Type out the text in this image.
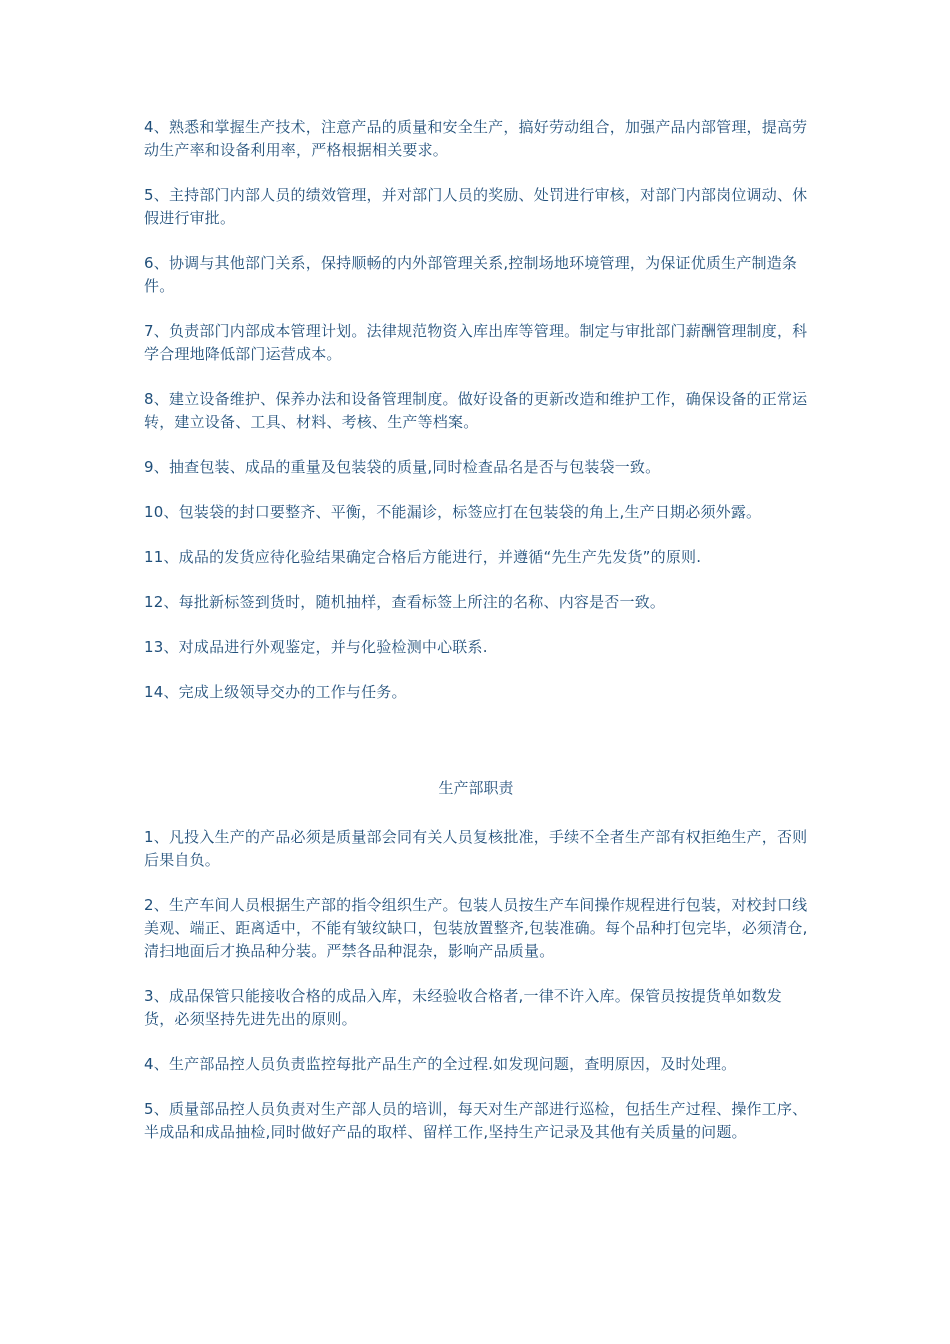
4、熟悉和掌握生产技术，注意产品的质量和安全生产，搞好劳动组合，加强产品内部管理，提高劳动生产率和设备利用率，严格根据相关要求。

5、主持部门内部人员的绩效管理，并对部门人员的奖励、处罚进行审核，对部门内部岗位调动、休假进行审批。

6、协调与其他部门关系，保持顺畅的内外部管理关系,控制场地环境管理，为保证优质生产制造条件。

7、负责部门内部成本管理计划。法律规范物资入库出库等管理。制定与审批部门薪酬管理制度，科学合理地降低部门运营成本。

8、建立设备维护、保养办法和设备管理制度。做好设备的更新改造和维护工作，确保设备的正常运转，建立设备、工具、材料、考核、生产等档案。

9、抽查包装、成品的重量及包装袋的质量,同时检查品名是否与包装袋一致。

10、包装袋的封口要整齐、平衡，不能漏诊，标签应打在包装袋的角上,生产日期必须外露。

11、成品的发货应待化验结果确定合格后方能进行，并遵循“先生产先发货”的原则.

12、每批新标签到货时，随机抽样，查看标签上所注的名称、内容是否一致。

13、对成品进行外观鉴定，并与化验检测中心联系.

14、完成上级领导交办的工作与任务。

生产部职责

1、凡投入生产的产品必须是质量部会同有关人员复核批准，手续不全者生产部有权拒绝生产，否则后果自负。

2、生产车间人员根据生产部的指令组织生产。包装人员按生产车间操作规程进行包装，对校封口线美观、端正、距离适中，不能有皱纹缺口，包装放置整齐,包装准确。每个品种打包完毕，必须清仓,清扫地面后才换品种分装。严禁各品种混杂，影响产品质量。

3、成品保管只能接收合格的成品入库，未经验收合格者,一律不许入库。保管员按提货单如数发货，必须坚持先进先出的原则。

4、生产部品控人员负责监控每批产品生产的全过程.如发现问题，查明原因，及时处理。

5、质量部品控人员负责对生产部人员的培训，每天对生产部进行巡检，包括生产过程、操作工序、半成品和成品抽检,同时做好产品的取样、留样工作,坚持生产记录及其他有关质量的问题。
